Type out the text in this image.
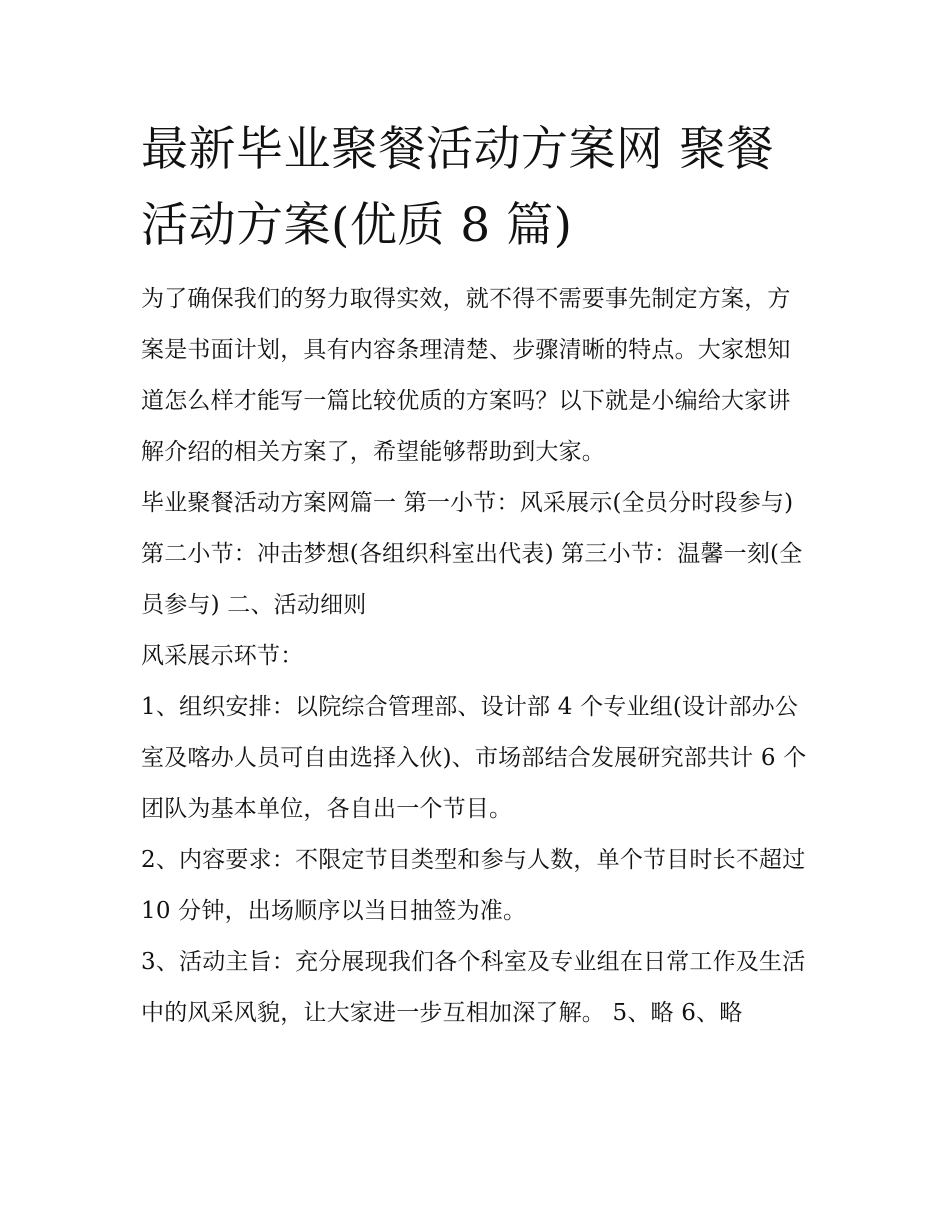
最新毕业聚餐活动方案网 聚餐活动方案(优质 8 篇)

为了确保我们的努力取得实效，就不得不需要事先制定方案，方案是书面计划，具有内容条理清楚、步骤清晰的特点。大家想知道怎么样才能写一篇比较优质的方案吗？以下就是小编给大家讲解介绍的相关方案了，希望能够帮助到大家。

毕业聚餐活动方案网篇一 第一小节：风采展示(全员分时段参与) 第二小节：冲击梦想(各组织科室出代表) 第三小节：温馨一刻(全员参与) 二、活动细则

风采展示环节：

1、组织安排：以院综合管理部、设计部 4 个专业组(设计部办公室及喀办人员可自由选择入伙)、市场部结合发展研究部共计 6 个团队为基本单位，各自出一个节目。

2、内容要求：不限定节目类型和参与人数，单个节目时长不超过 10 分钟，出场顺序以当日抽签为准。

3、活动主旨：充分展现我们各个科室及专业组在日常工作及生活中的风采风貌，让大家进一步互相加深了解。 5、略 6、略
